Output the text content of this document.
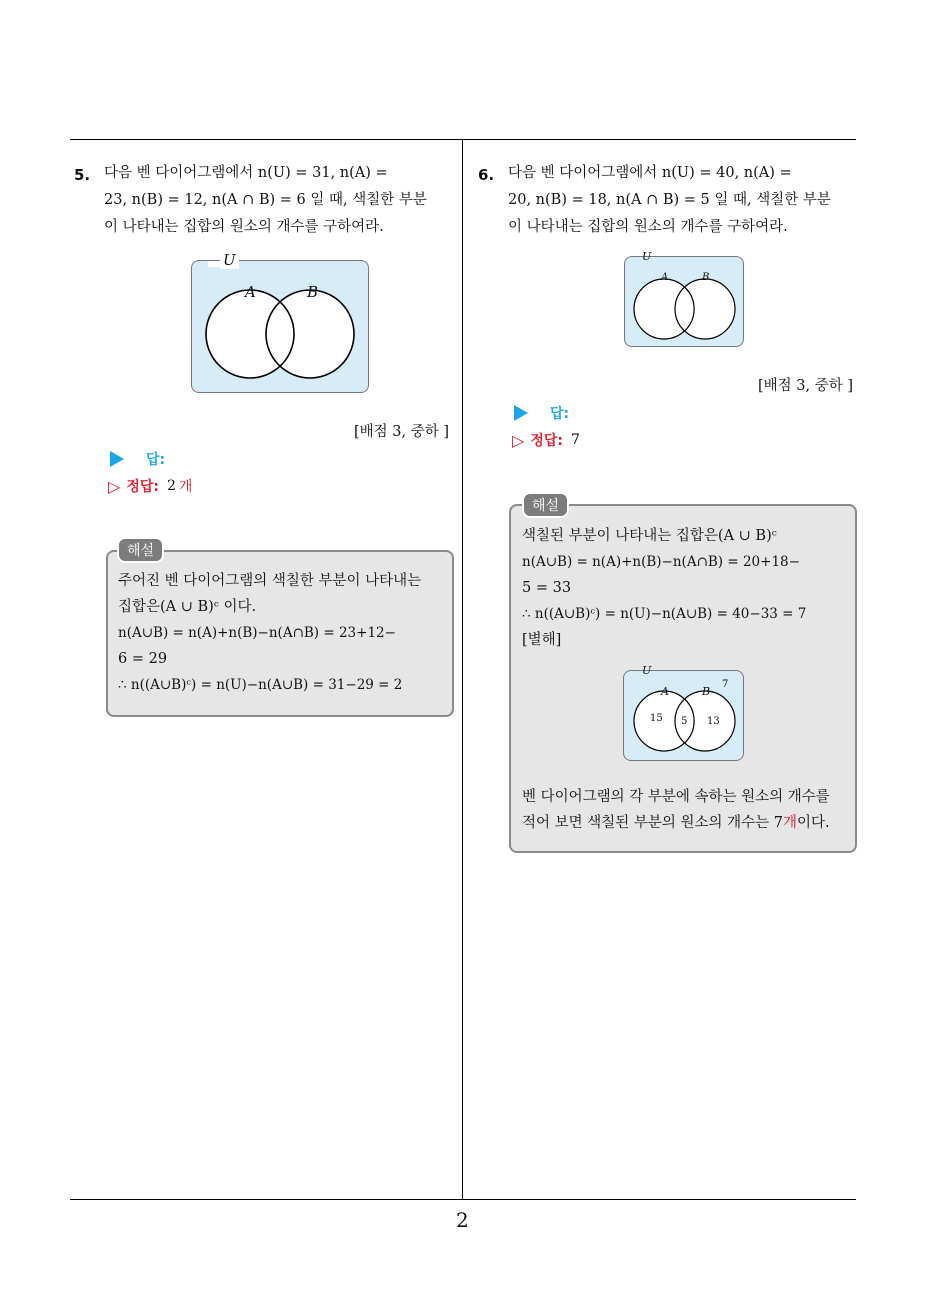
5. 다음 벤 다이어그램에서 n(U) = 31, n(A) =
23, n(B) = 12, n(A ∩ B) = 6 일 때, 색칠한 부분
이 나타내는 집합의 원소의 개수를 구하여라.
U
A	B
[배점 3, 중하 ]
답:
▷ 정답: 2 개
해설
주어진 벤 다이어그램의 색칠한 부분이 나타내는
집합은(A ∪ B)ᶜ 이다.
n(A∪B) = n(A)+n(B)−n(A∩B) = 23+12−
6 = 29
∴ n((A∪B)ᶜ) = n(U)−n(A∪B) = 31−29 = 2
6. 다음 벤 다이어그램에서 n(U) = 40, n(A) =
20, n(B) = 18, n(A ∩ B) = 5 일 때, 색칠한 부분
이 나타내는 집합의 원소의 개수를 구하여라.
U
A	B
[배점 3, 중하 ]
답:
▷ 정답: 7
해설
색칠된 부분이 나타내는 집합은(A ∪ B)ᶜ
n(A∪B) = n(A)+n(B)−n(A∩B) = 20+18−
5 = 33
∴ n((A∪B)ᶜ) = n(U)−n(A∪B) = 40−33 = 7
[별해]
U
A	B
7
15 5 13
벤 다이어그램의 각 부분에 속하는 원소의 개수를
적어 보면 색칠된 부분의 원소의 개수는 7개이다.
2
